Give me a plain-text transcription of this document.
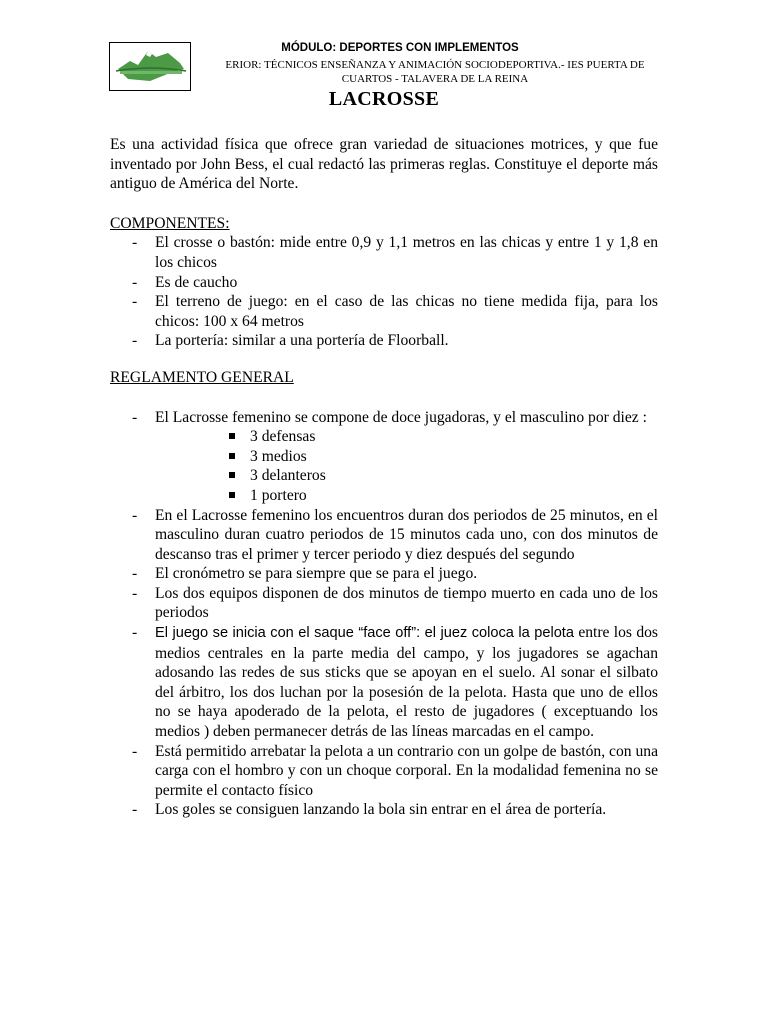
MÓDULO: DEPORTES CON IMPLEMENTOS
ERIOR: TÉCNICOS ENSEÑANZA Y ANIMACIÓN SOCIODEPORTIVA.- IES PUERTA DE
CUARTOS - TALAVERA DE LA REINA
LACROSSE

Es una actividad física que ofrece gran variedad de situaciones motrices, y que fue inventado por John Bess, el cual redactó las primeras reglas. Constituye el deporte más antiguo de América del Norte.

COMPONENTES:

- El crosse o bastón: mide entre 0,9 y 1,1 metros en las chicas y entre 1 y 1,8 en los chicos
- Es de caucho
- El terreno de juego: en el caso de las chicas no tiene medida fija, para los chicos: 100 x 64 metros
- La portería: similar a una portería de Floorball.

REGLAMENTO GENERAL

- El Lacrosse femenino se compone de doce jugadoras, y el masculino por diez :
3 defensas
3 medios
3 delanteros
1 portero
- En el Lacrosse femenino los encuentros duran dos periodos de 25 minutos, en el masculino duran cuatro periodos de 15 minutos cada uno, con dos minutos de descanso tras el primer y tercer periodo y diez después del segundo
- El cronómetro se para siempre que se para el juego.
- Los dos equipos disponen de dos minutos de tiempo muerto en cada uno de los periodos
- El juego se inicia con el saque “face off”: el juez coloca la pelota entre los dos medios centrales en la parte media del campo, y los jugadores se agachan adosando las redes de sus sticks que se apoyan en el suelo. Al sonar el silbato del árbitro, los dos luchan por la posesión de la pelota. Hasta que uno de ellos no se haya apoderado de la pelota, el resto de jugadores ( exceptuando los medios ) deben permanecer detrás de las líneas marcadas en el campo.
- Está permitido arrebatar la pelota a un contrario con un golpe de bastón, con una carga con el hombro y con un choque corporal. En la modalidad femenina no se permite el contacto físico
- Los goles se consiguen lanzando la bola sin entrar en el área de portería.
